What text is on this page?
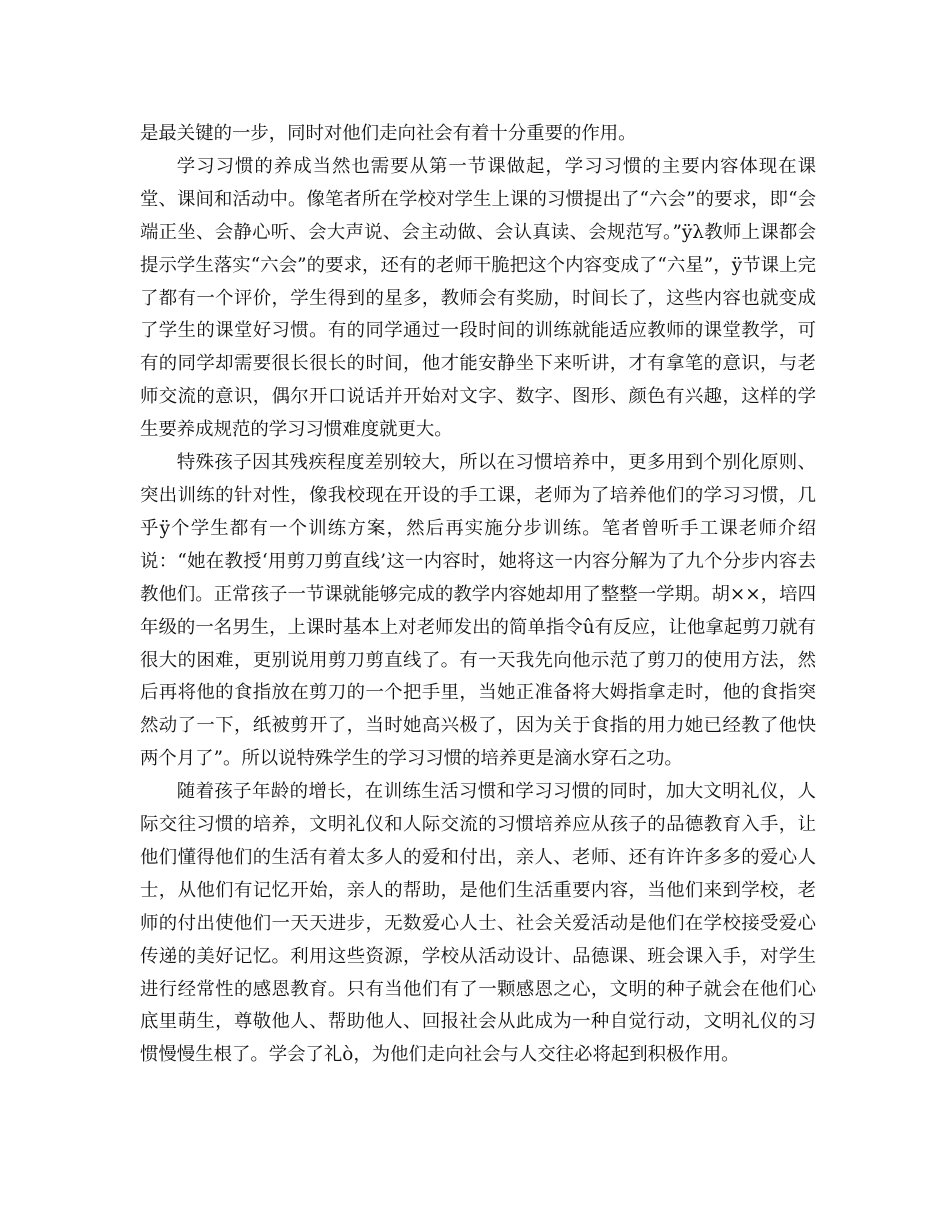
是最关键的一步，同时对他们走向社会有着十分重要的作用。

学习习惯的养成当然也需要从第一节课做起，学习习惯的主要内容体现在课堂、课间和活动中。像笔者所在学校对学生上课的习惯提出了“六会”的要求，即“会端正坐、会静心听、会大声说、会主动做、会认真读、会规范写。”ÿλ教师上课都会提示学生落实“六会”的要求，还有的老师干脆把这个内容变成了“六星”，ÿ节课上完了都有一个评价，学生得到的星多，教师会有奖励，时间长了，这些内容也就变成了学生的课堂好习惯。有的同学通过一段时间的训练就能适应教师的课堂教学，可有的同学却需要很长很长的时间，他才能安静坐下来听讲，才有拿笔的意识，与老师交流的意识，偶尔开口说话并开始对文字、数字、图形、颜色有兴趣，这样的学生要养成规范的学习习惯难度就更大。

特殊孩子因其残疾程度差别较大，所以在习惯培养中，更多用到个别化原则、突出训练的针对性，像我校现在开设的手工课，老师为了培养他们的学习习惯，几乎ÿ个学生都有一个训练方案，然后再实施分步训练。笔者曾听手工课老师介绍说：“她在教授‘用剪刀剪直线’这一内容时，她将这一内容分解为了九个分步内容去教他们。正常孩子一节课就能够完成的教学内容她却用了整整一学期。胡××，培四年级的一名男生，上课时基本上对老师发出的简单指令û有反应，让他拿起剪刀就有很大的困难，更别说用剪刀剪直线了。有一天我先向他示范了剪刀的使用方法，然后再将他的食指放在剪刀的一个把手里，当她正准备将大姆指拿走时，他的食指突然动了一下，纸被剪开了，当时她高兴极了，因为关于食指的用力她已经教了他快两个月了”。所以说特殊学生的学习习惯的培养更是滴水穿石之功。

随着孩子年龄的增长，在训练生活习惯和学习习惯的同时，加大文明礼仪，人际交往习惯的培养，文明礼仪和人际交流的习惯培养应从孩子的品德教育入手，让他们懂得他们的生活有着太多人的爱和付出，亲人、老师、还有许许多多的爱心人士，从他们有记忆开始，亲人的帮助，是他们生活重要内容，当他们来到学校，老师的付出使他们一天天进步，无数爱心人士、社会关爱活动是他们在学校接受爱心传递的美好记忆。利用这些资源，学校从活动设计、品德课、班会课入手，对学生进行经常性的感恩教育。只有当他们有了一颗感恩之心，文明的种子就会在他们心底里萌生，尊敬他人、帮助他人、回报社会从此成为一种自觉行动，文明礼仪的习惯慢慢生根了。学会了礼ò，为他们走向社会与人交往必将起到积极作用。
